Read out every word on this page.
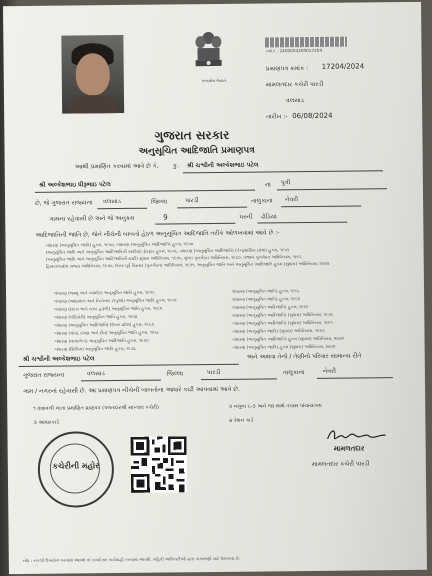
સત્યમેવ જયતે
કમાંક : 2400004300017204
પ્રમાણપત્ર ક્રમાંક : 17204/2024
મામલતદાર કચેરી પારડી
વલસાડ
તારીખ :- 06/08/2024
ગુજરાત સરકાર
અનુસૂચિત આદિજાતિ પ્રમાણપત્ર
આથી પ્રમાણિત કરવામાં આવે છે કે, કુ. શ્રી ચશ્વીની અલ્કેશભાઇ પટેલ
શ્રી અલ્કેશભાઇ ધીરૂભાઇ પટેલ	ના પુત્રી
છે, જે ગુજરાત રાજ્યના વલસાડ	જિલ્લા	પારડી	તાલુકાના નેવરી
ગામના રહેવાસી છે અને જે અનુક્રમ	9	પરની ઢોડિયા
આદિજાતિની જાતિ છે, જેને નીચેની બાબતો હેઠળ અનુસૂચિત આદિજાતિ તરીકે ઓળખવામાં આવે છે :-
બંધારણ (અનુસૂચિત જાતિ) હુકમ, ૧૯૫૦, બંધારણ (અનુસૂચિત આદિજાતિ) હુકમ, ૧૯૫૦
(અનુસૂચિત જાતિ અને અનુસૂચિત આદિજાતિની યાદીમાં) ફેરફાર હુકમ, ૧૯૫૬, બંધારણ (અનુસૂચિત આદિજાતિ) (કેન્દ્રશાસિત પ્રદેશ) હુકમ, ૧૯૫૧
(અનુસૂચિત જાતિ અને અનુસૂચિત આદિજાતિની યાદી) સુધારા અધિનિયમ, ૧૯૭૬, મુંબઇ પુનર્ગઠન અધિનિયમ, ૧૯૬૦, પંજાબ પુનર્ગઠન અધિનિયમ, ૧૯૬૬
હિમાચલપ્રદેશ રાજ્ય અધિનિયમ, ૧૯૭૦, ઉત્તર-પૂર્વ વિસ્તાર (પુનર્ગઠન) અધિનિયમ, ૧૯૭૧, અનુસૂચિત જાતિ અને અનુસૂચિત આદિજાતિ હુકમ (સુધારા) અધિનિયમ, ૨૦૦૨
બંધારણ (જમ્મુ અને કાશ્મીર) અનુસૂચિત જાતિ હુકમ, ૧૯૫૬
બંધારણ (આંદામાન અને નિકોબાર ટાપુઓ) અનુસૂચિત જાતિ હુકમ, ૧૯૫૯
બંધારણ (દાદરા અને નગર હવેલી) અનુસૂચિત જાતિ હુકમ, ૧૯૬૨
બંધારણ (પોંડિચેરી) અનુસૂચિત જાતિ હુકમ, ૧૯૬૪
બંધારણ (અનુસૂચિત આદિજાતિ) (ઉત્તર પ્રદેશ) હુકમ, ૧૯૬૭
બંધારણ (ગોવા, દમણ અને દીવ) અનુસૂચિત જાતિ હુકમ, ૧૯૬૮
બંધારણ (નાગાલેન્ડ) અનુસૂચિત આદિજાતિ હુકમ, ૧૯૭૦
બંધારણ (સિક્કિમ) અનુસૂચિત જાતિ હુકમ, ૧૯૭૮
બંધારણ (અનુસૂચિત જાતિ) હુકમ, ૧૯૬૮
બંધારણ (અનુસૂચિત જાતિ) હુકમ, ૧૯૬૨
બંધારણ (અનુસૂચિત આદિજાતિ) હુકમ, ૧૯૬૯
બંધારણ (અનુસૂચિત આદિજાતિ) (સુધારા) અધિનિયમ, ૧૯૭૬
બંધારણ (અનુસૂચિત આદિજાતિ) (સુધારા) અધિનિયમ, ૧૯૯૧
બંધારણ (અનુસૂચિત જાતિ) (સુધારા) અધિનિયમ, ૧૯૯૦
બંધારણ (અનુસૂચિત આદિજાતિ) હુકમ (સુધારા) અધિનિયમ, ૨૦૦૨
બંધારણ (અનુસૂચિત જાતિ) હુકમ (સુધારા) અધિનિયમ, ૨૦૦૨
શ્રી ચશ્વીની અલ્કેશભાઇ પટેલ	અને અથવા તેનો / તેણીનો પરિવાર સામાન્ય રીતે
ગુજરાત રાજ્યના	વલસાડ	જિલ્લા	પારડી	તાલુકાના	નેવરી
ગામ / નગરનાં રહેવાસી છે. આ પ્રમાણપત્ર નીચેની બાબતોના આધારે કાઢી આપવામાં આવે છે.
૧ વંશાવળી ખાતા પ્રમાણિત પ્રાણપત્ર (પલતદારશ્રી સાપ્તારા કચેરી)	૨ નમૂના ૬-૭ અને જા સાથે તપાસ પાંચાયતના
૩ આધારકાર્ડ	૪ રેશન કાર્ડ
કચેરીની મહોર
મામલતદાર
મામલતદાર કચેરી પારડી
નોંધ : નકલી ઉપયોગ કરવામાં આવશે તો કાયદેસર કાર્યવાહી કરવામાં આવશે. મહિતી અધિકારીઓ દ્વારા ચકાસણી માટે ઉપલબ્ધ છે.
